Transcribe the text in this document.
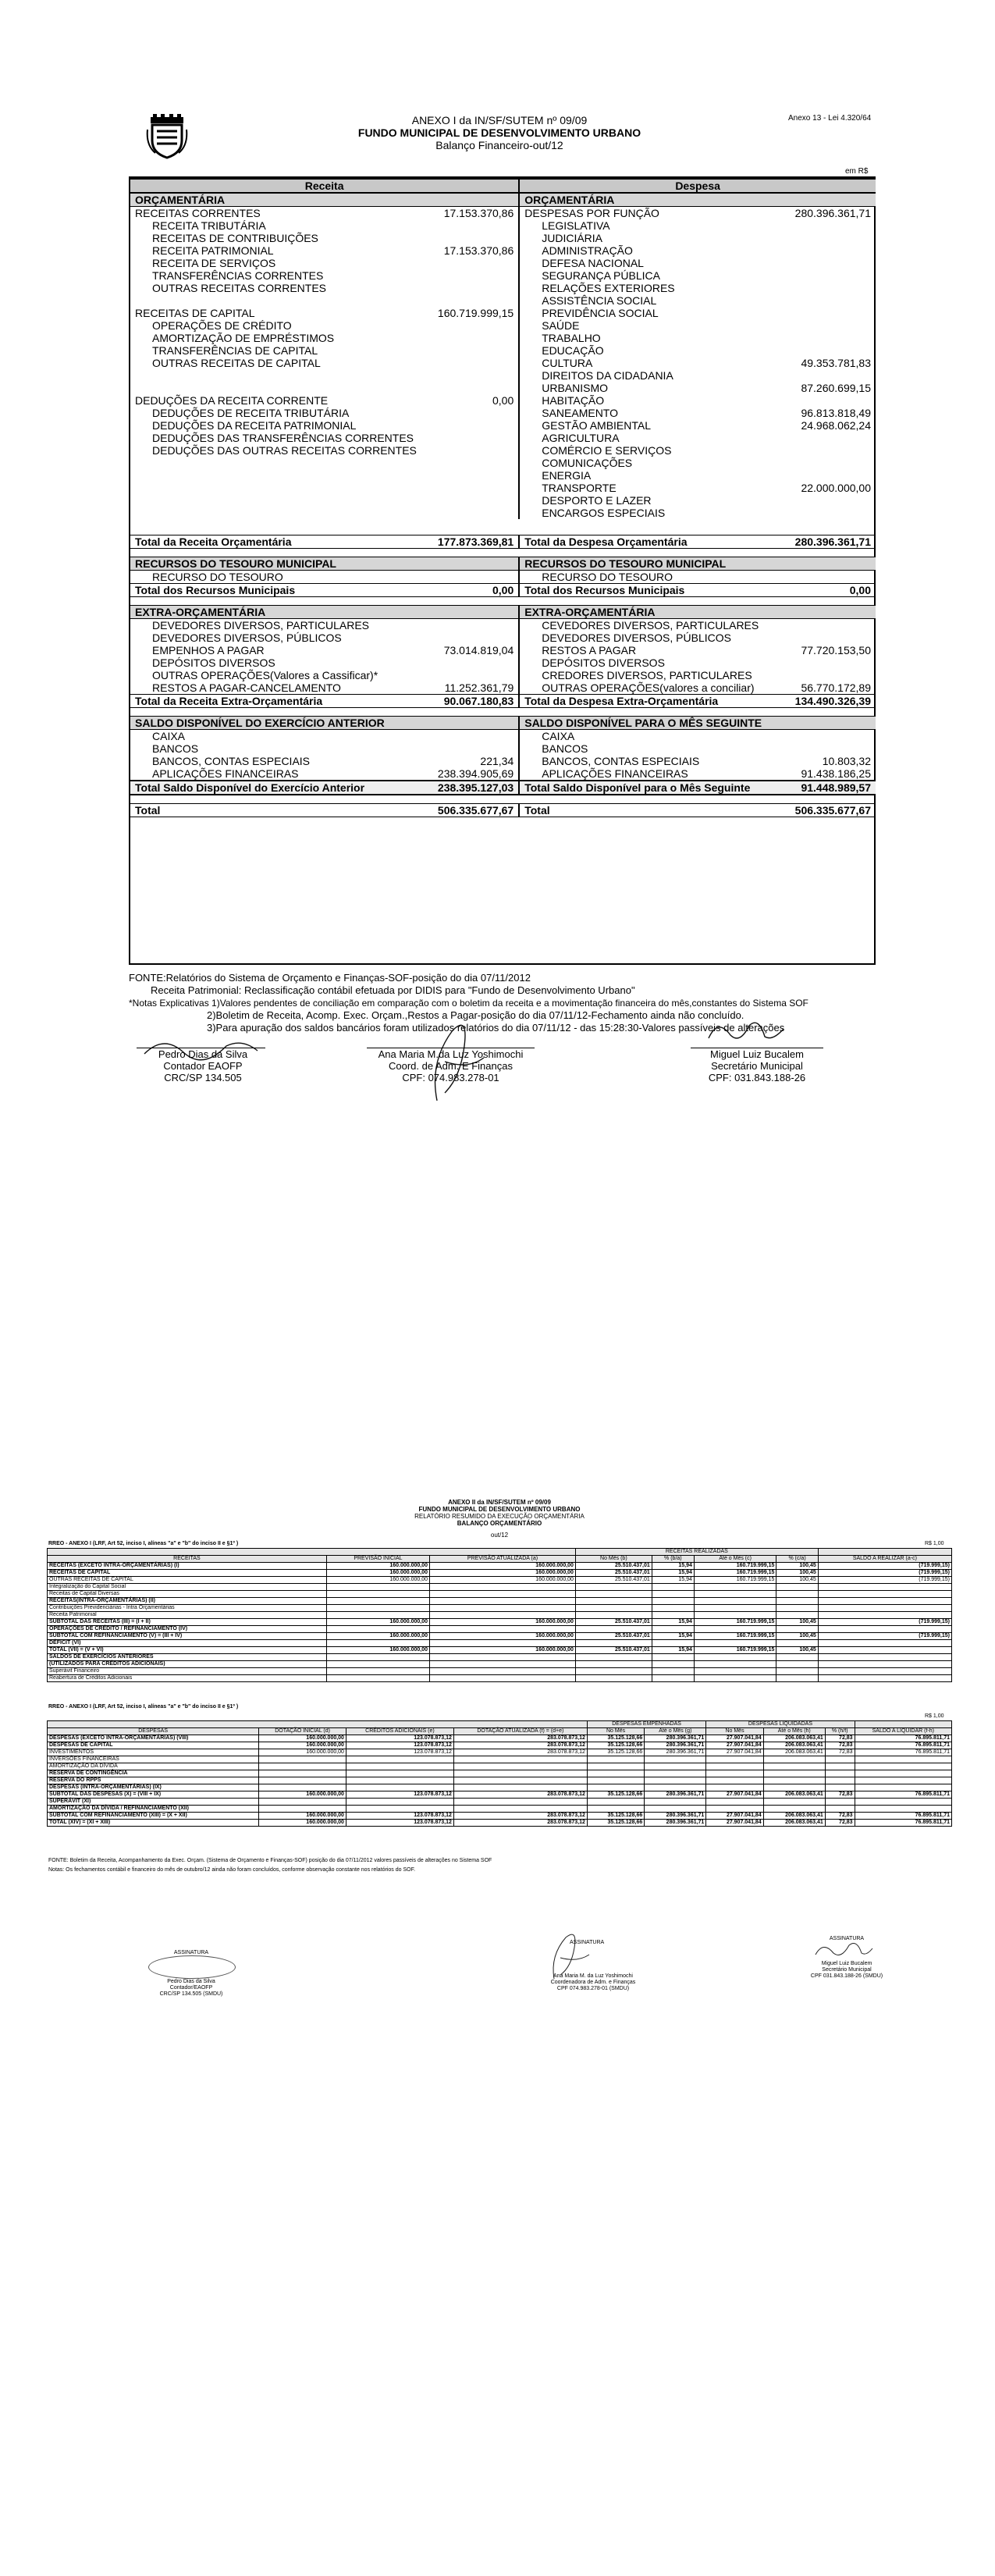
ANEXO I da IN/SF/SUTEM nº 09/09
FUNDO MUNICIPAL DE DESENVOLVIMENTO URBANO
Balanço Financeiro-out/12
Anexo 13 - Lei 4.320/64
em R$
Receita		Despesa	
ORÇAMENTÁRIA		ORÇAMENTÁRIA	
RECEITAS CORRENTES	17.153.370,86	DESPESAS POR FUNÇÃO	280.396.361,71
RECEITA TRIBUTÁRIA		LEGISLATIVA	
RECEITAS DE CONTRIBUIÇÕES		JUDICIÁRIA	
RECEITA PATRIMONIAL	17.153.370,86	ADMINISTRAÇÃO	
RECEITA DE SERVIÇOS		DEFESA NACIONAL	
TRANSFERÊNCIAS CORRENTES		SEGURANÇA PÚBLICA	
OUTRAS RECEITAS CORRENTES		RELAÇÕES EXTERIORES	
		ASSISTÊNCIA SOCIAL	
RECEITAS DE CAPITAL	160.719.999,15	PREVIDÊNCIA SOCIAL	
OPERAÇÕES DE CRÉDITO		SAÚDE	
AMORTIZAÇÃO DE EMPRÉSTIMOS		TRABALHO	
TRANSFERÊNCIAS DE CAPITAL		EDUCAÇÃO	
OUTRAS RECEITAS DE CAPITAL		CULTURA	49.353.781,83
		DIREITOS DA CIDADANIA	
		URBANISMO	87.260.699,15
DEDUÇÕES DA RECEITA CORRENTE	0,00	HABITAÇÃO	
DEDUÇÕES DE RECEITA TRIBUTÁRIA		SANEAMENTO	96.813.818,49
DEDUÇÕES DA RECEITA PATRIMONIAL		GESTÃO AMBIENTAL	24.968.062,24
DEDUÇÕES DAS TRANSFERÊNCIAS CORRENTES		AGRICULTURA	
DEDUÇÕES DAS OUTRAS RECEITAS CORRENTES		COMÉRCIO E SERVIÇOS	
		COMUNICAÇÕES	
		ENERGIA	
		TRANSPORTE	22.000.000,00
		DESPORTO E LAZER	
		ENCARGOS ESPECIAIS	

Total da Receita Orçamentária	177.873.369,81	Total da Despesa Orçamentária	280.396.361,71

RECURSOS DO TESOURO MUNICIPAL		RECURSOS DO TESOURO MUNICIPAL	
RECURSO DO TESOURO		RECURSO DO TESOURO	
Total dos Recursos Municipais	0,00	Total dos Recursos Municipais	0,00

EXTRA-ORÇAMENTÁRIA		EXTRA-ORÇAMENTÁRIA	
DEVEDORES DIVERSOS, PARTICULARES		CEVEDORES DIVERSOS, PARTICULARES	
DEVEDORES DIVERSOS, PÚBLICOS		DEVEDORES DIVERSOS, PÚBLICOS	
EMPENHOS A PAGAR	73.014.819,04	RESTOS A PAGAR	77.720.153,50
DEPÓSITOS DIVERSOS		DEPÓSITOS DIVERSOS	
OUTRAS OPERAÇÕES(Valores a Cassificar)*		CREDORES DIVERSOS, PARTICULARES	
RESTOS A PAGAR-CANCELAMENTO	11.252.361,79	OUTRAS OPERAÇÕES(valores a conciliar)	56.770.172,89
Total da Receita Extra-Orçamentária	90.067.180,83	Total da Despesa Extra-Orçamentária	134.490.326,39

SALDO DISPONÍVEL DO EXERCÍCIO ANTERIOR		SALDO DISPONÍVEL PARA O MÊS SEGUINTE	
CAIXA		CAIXA	
BANCOS		BANCOS	
BANCOS, CONTAS ESPECIAIS	221,34	BANCOS, CONTAS ESPECIAIS	10.803,32
APLICAÇÕES FINANCEIRAS	238.394.905,69	APLICAÇÕES FINANCEIRAS	91.438.186,25
Total Saldo Disponível do Exercício Anterior	238.395.127,03	Total Saldo Disponível para o Mês Seguinte	91.448.989,57

Total	506.335.677,67	Total	506.335.677,67
FONTE:Relatórios do Sistema de Orçamento e Finanças-SOF-posição do dia 07/11/2012
Receita Patrimonial: Reclassificação contábil efetuada por DIDIS para "Fundo de Desenvolvimento Urbano"
*Notas Explicativas 1)Valores pendentes de conciliação em comparação com o boletim da receita e a movimentação financeira do mês,constantes do Sistema SOF
2)Boletim de Receita, Acomp. Exec. Orçam.,Restos a Pagar-posição do dia 07/11/12-Fechamento ainda não concluído.
3)Para apuração dos saldos bancários foram utilizados relatórios do dia 07/11/12 - das 15:28:30-Valores passíveis de alterações
Pedro Dias da Silva
Contador EAOFP
CRC/SP 134.505
Ana Maria M.da Luz Yoshimochi
Coord. de Adm. E Finanças
CPF: 074.983.278-01
Miguel Luiz Bucalem
Secretário Municipal
CPF: 031.843.188-26
ANEXO II da IN/SF/SUTEM nº 09/09
FUNDO MUNICIPAL DE DESENVOLVIMENTO URBANO
RELATÓRIO RESUMIDO DA EXECUÇÃO ORÇAMENTÁRIA
BALANÇO ORÇAMENTÁRIO
out/12
RREO - ANEXO I (LRF, Art 52, inciso I, alíneas "a" e "b" do inciso II e §1º )	R$ 1,00
			RECEITAS REALIZADAS				
RECEITAS	PREVISÃO INICIAL	PREVISÃO ATUALIZADA (a)	No Mês (b)	% (b/a)	Até o Mês (c)	% (c/a)	SALDO A REALIZAR (a-c)
RECEITAS (EXCETO INTRA-ORÇAMENTÁRIAS) (I)	160.000.000,00	160.000.000,00	25.510.437,01	15,94	160.719.999,15	100,45	(719.999,15)
RECEITAS DE CAPITAL	160.000.000,00	160.000.000,00	25.510.437,01	15,94	160.719.999,15	100,45	(719.999,15)
OUTRAS RECEITAS DE CAPITAL	160.000.000,00	160.000.000,00	25.510.437,01	15,94	160.719.999,15	100,45	(719.999,15)
Integralização do Capital Social							
Receitas de Capital Diversas							
RECEITAS(INTRA-ORÇAMENTÁRIAS) (II)							
Contribuições Previdenciárias - Intra Orçamentárias							
Receita Patrimonial							
SUBTOTAL DAS RECEITAS (III) = (I + II)	160.000.000,00	160.000.000,00	25.510.437,01	15,94	160.719.999,15	100,45	(719.999,15)
OPERAÇÕES DE CRÉDITO / REFINANCIAMENTO (IV)							
SUBTOTAL COM REFINANCIAMENTO (V) = (III + IV)	160.000.000,00	160.000.000,00	25.510.437,01	15,94	160.719.999,15	100,45	(719.999,15)
DÉFICIT (VI)							
TOTAL (VII) = (V + VI)	160.000.000,00	160.000.000,00	25.510.437,01	15,94	160.719.999,15	100,45	
SALDOS DE EXERCÍCIOS ANTERIORES							
(UTILIZADOS PARA CRÉDITOS ADICIONAIS)							
Superávit Financeiro							
Reabertura de Créditos Adicionais							
RREO - ANEXO I (LRF, Art 52, inciso I, alíneas "a" e "b" do inciso II e §1º )
R$ 1,00
				DESPESAS EMPENHADAS		DESPESAS LIQUIDADAS			
DESPESAS	DOTAÇÃO INICIAL (d)	CRÉDITOS ADICIONAIS (e)	DOTAÇÃO ATUALIZADA (f) = (d+e)	No Mês	Até o Mês (g)	No Mês	Até o Mês (h)	% (h/f)	SALDO A LIQUIDAR (f-h)
DESPESAS (EXCETO INTRA-ORÇAMENTÁRIAS) (VIII)	160.000.000,00	123.078.873,12	283.078.873,12	35.125.128,66	280.396.361,71	27.907.041,84	206.083.063,41	72,83	76.895.811,71
DESPESAS DE CAPITAL	160.000.000,00	123.078.873,12	283.078.873,12	35.125.128,66	280.396.361,71	27.907.041,84	206.083.063,41	72,83	76.895.811,71
INVESTIMENTOS	160.000.000,00	123.078.873,12	283.078.873,12	35.125.128,66	280.396.361,71	27.907.041,84	206.083.063,41	72,83	76.895.811,71
INVERSÕES FINANCEIRAS									
AMORTIZAÇÃO DA DÍVIDA									
RESERVA DE CONTINGÊNCIA									
RESERVA DO RPPS									
DESPESAS (INTRA-ORÇAMENTÁRIAS) (IX)									
SUBTOTAL DAS DESPESAS (X) = (VIII + IX)	160.000.000,00	123.078.873,12	283.078.873,12	35.125.128,66	280.396.361,71	27.907.041,84	206.083.063,41	72,83	76.895.811,71
SUPERÁVIT (XI)									
AMORTIZAÇÃO DA DÍVIDA / REFINANCIAMENTO (XII)									
SUBTOTAL COM REFINANCIAMENTO (XIII) = (X + XII)	160.000.000,00	123.078.873,12	283.078.873,12	35.125.128,66	280.396.361,71	27.907.041,84	206.083.063,41	72,83	76.895.811,71
TOTAL (XIV) = (XI + XIII)	160.000.000,00	123.078.873,12	283.078.873,12	35.125.128,66	280.396.361,71	27.907.041,84	206.083.063,41	72,83	76.895.811,71
FONTE: Boletim da Receita, Acompanhamento da Exec. Orçam. (Sistema de Orçamento e Finanças-SOF) posição do dia 07/11/2012 valores passíveis de alterações no Sistema SOF
Notas: Os fechamentos contábil e financeiro do mês de outubro/12 ainda não foram concluídos, conforme observação constante nos relatórios do SOF.
ASSINATURA
Pedro Dias da Silva
Contador/EAOFP
CRC/SP 134.505 (SMDU)
ASSINATURA
Ana Maria M. da Luz Yoshimochi
Coordenadora de Adm. e Finanças
CPF 074.983.278-01 (SMDU)
ASSINATURA
Miguel Luiz Bucalem
Secretário Municipal
CPF 031.843.188-26 (SMDU)
